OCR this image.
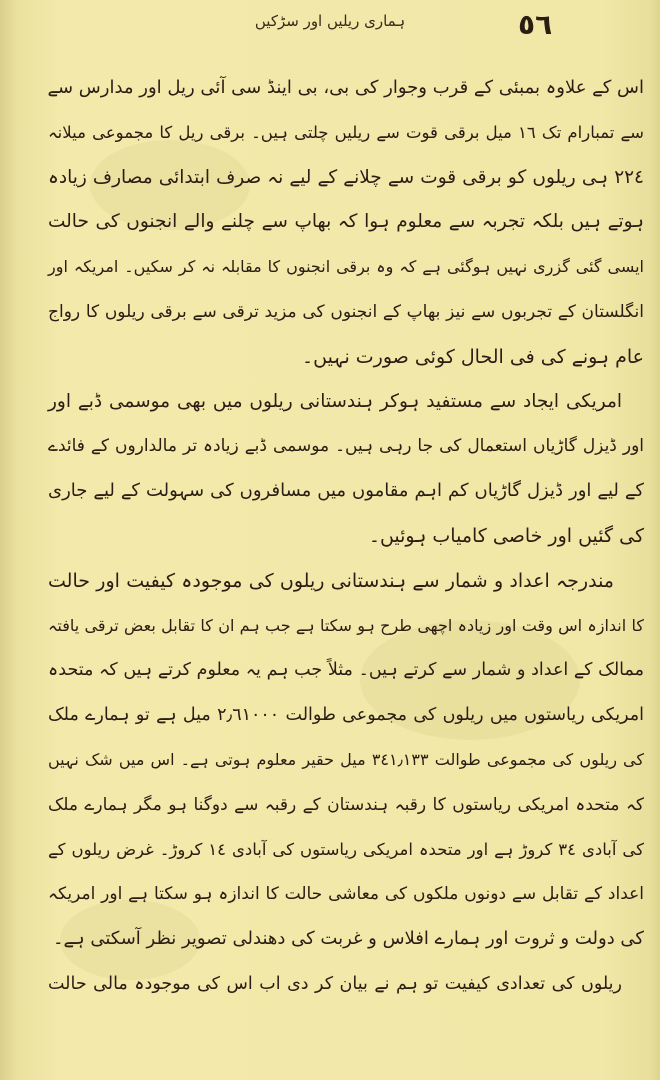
٥٦
ہماری ریلیں اور سڑکیں
اس کے علاوہ بمبئی کے قرب وجوار کی بی، بی اینڈ سی آئی ریل اور مدارس سے
سے تمبارام تک ١٦ میل برقی قوت سے ریلیں چلتی ہیں۔ برقی ریل کا مجموعی میلانہ
٢٢٤ ہی ریلوں کو برقی قوت سے چلانے کے لیے نہ صرف ابتدائی مصارف زیادہ
ہوتے ہیں بلکہ تجربہ سے معلوم ہوا کہ بھاپ سے چلنے والے انجنوں کی حالت
ایسی گئی گزری نہیں ہوگئی ہے کہ وہ برقی انجنوں کا مقابلہ نہ کر سکیں۔ امریکہ اور
انگلستان کے تجربوں سے نیز بھاپ کے انجنوں کی مزید ترقی سے برقی ریلوں کا رواج
عام ہونے کی فی الحال کوئی صورت نہیں۔
امریکی ایجاد سے مستفید ہوکر ہندستانی ریلوں میں بھی موسمی ڈبے اور
اور ڈیزل گاڑیاں استعمال کی جا رہی ہیں۔ موسمی ڈبے زیادہ تر مالداروں کے فائدے
کے لیے اور ڈیزل گاڑیاں کم اہم مقاموں میں مسافروں کی سہولت کے لیے جاری
کی گئیں اور خاصی کامیاب ہوئیں۔
مندرجہ اعداد و شمار سے ہندستانی ریلوں کی موجودہ کیفیت اور حالت
کا اندازہ اس وقت اور زیادہ اچھی طرح ہو سکتا ہے جب ہم ان کا تقابل بعض ترقی یافتہ
ممالک کے اعداد و شمار سے کرتے ہیں۔ مثلاً جب ہم یہ معلوم کرتے ہیں کہ متحدہ
امریکی ریاستوں میں ریلوں کی مجموعی طوالت ٢٫٦١٠٠٠ میل ہے تو ہمارے ملک
کی ریلوں کی مجموعی طوالت ٣٤١٫١٣٣ میل حقیر معلوم ہوتی ہے۔ اس میں شک نہیں
کہ متحدہ امریکی ریاستوں کا رقبہ ہندستان کے رقبہ سے دوگنا ہو مگر ہمارے ملک
کی آبادی ٣٤ کروڑ ہے اور متحدہ امریکی ریاستوں کی آبادی ١٤ کروڑ۔ غرض ریلوں کے
اعداد کے تقابل سے دونوں ملکوں کی معاشی حالت کا اندازہ ہو سکتا ہے اور امریکہ
کی دولت و ثروت اور ہمارے افلاس و غربت کی دھندلی تصویر نظر آسکتی ہے۔
ریلوں کی تعدادی کیفیت تو ہم نے بیان کر دی اب اس کی موجودہ مالی حالت
